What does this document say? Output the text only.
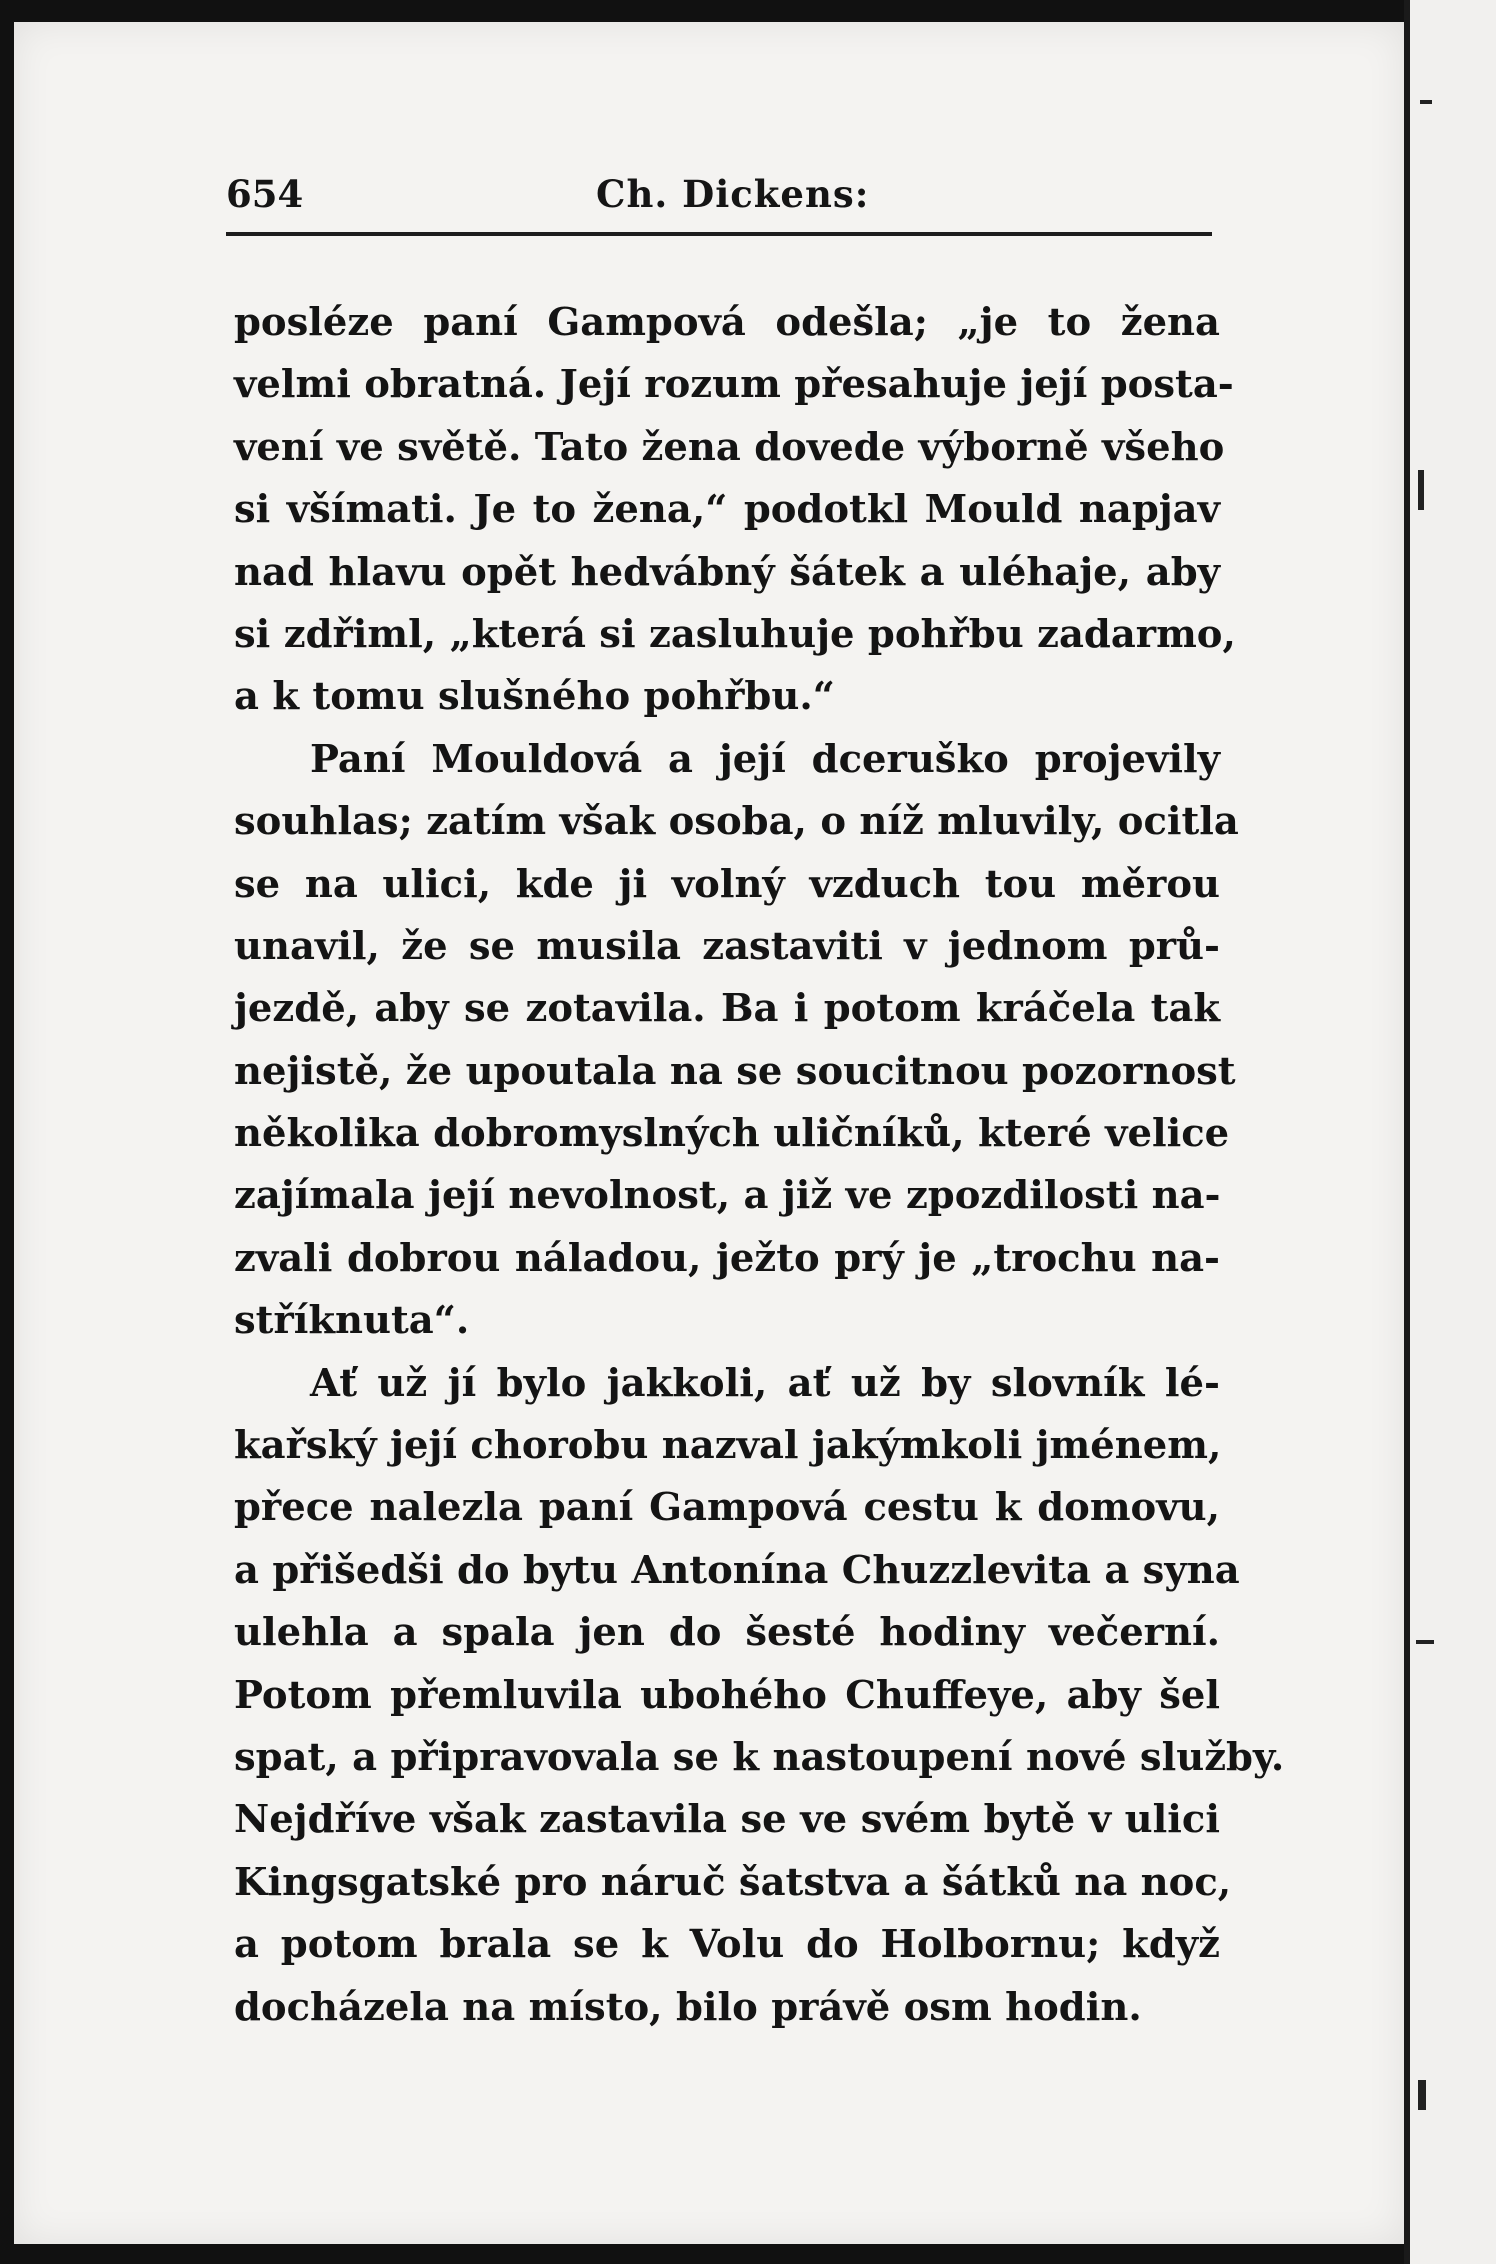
654	Ch. Dickens:
posléze paní Gampová odešla; „je to žena
velmi obratná. Její rozum přesahuje její posta-
vení ve světě. Tato žena dovede výborně všeho
si všímati. Je to žena,“ podotkl Mould napjav
nad hlavu opět hedvábný šátek a uléhaje, aby
si zdřiml, „která si zasluhuje pohřbu zadarmo,
a k tomu slušného pohřbu.“
Paní Mouldová a její dceruško projevily
souhlas; zatím však osoba, o níž mluvily, ocitla
se na ulici, kde ji volný vzduch tou měrou
unavil, že se musila zastaviti v jednom prů-
jezdě, aby se zotavila. Ba i potom kráčela tak
nejistě, že upoutala na se soucitnou pozornost
několika dobromyslných uličníků, které velice
zajímala její nevolnost, a již ve zpozdilosti na-
zvali dobrou náladou, ježto prý je „trochu na-
stříknuta“.
Ať už jí bylo jakkoli, ať už by slovník lé-
kařský její chorobu nazval jakýmkoli jménem,
přece nalezla paní Gampová cestu k domovu,
a přišedši do bytu Antonína Chuzzlevita a syna
ulehla a spala jen do šesté hodiny večerní.
Potom přemluvila ubohého Chuffeye, aby šel
spat, a připravovala se k nastoupení nové služby.
Nejdříve však zastavila se ve svém bytě v ulici
Kingsgatské pro náruč šatstva a šátků na noc,
a potom brala se k Volu do Holbornu; když
docházela na místo, bilo právě osm hodin.
